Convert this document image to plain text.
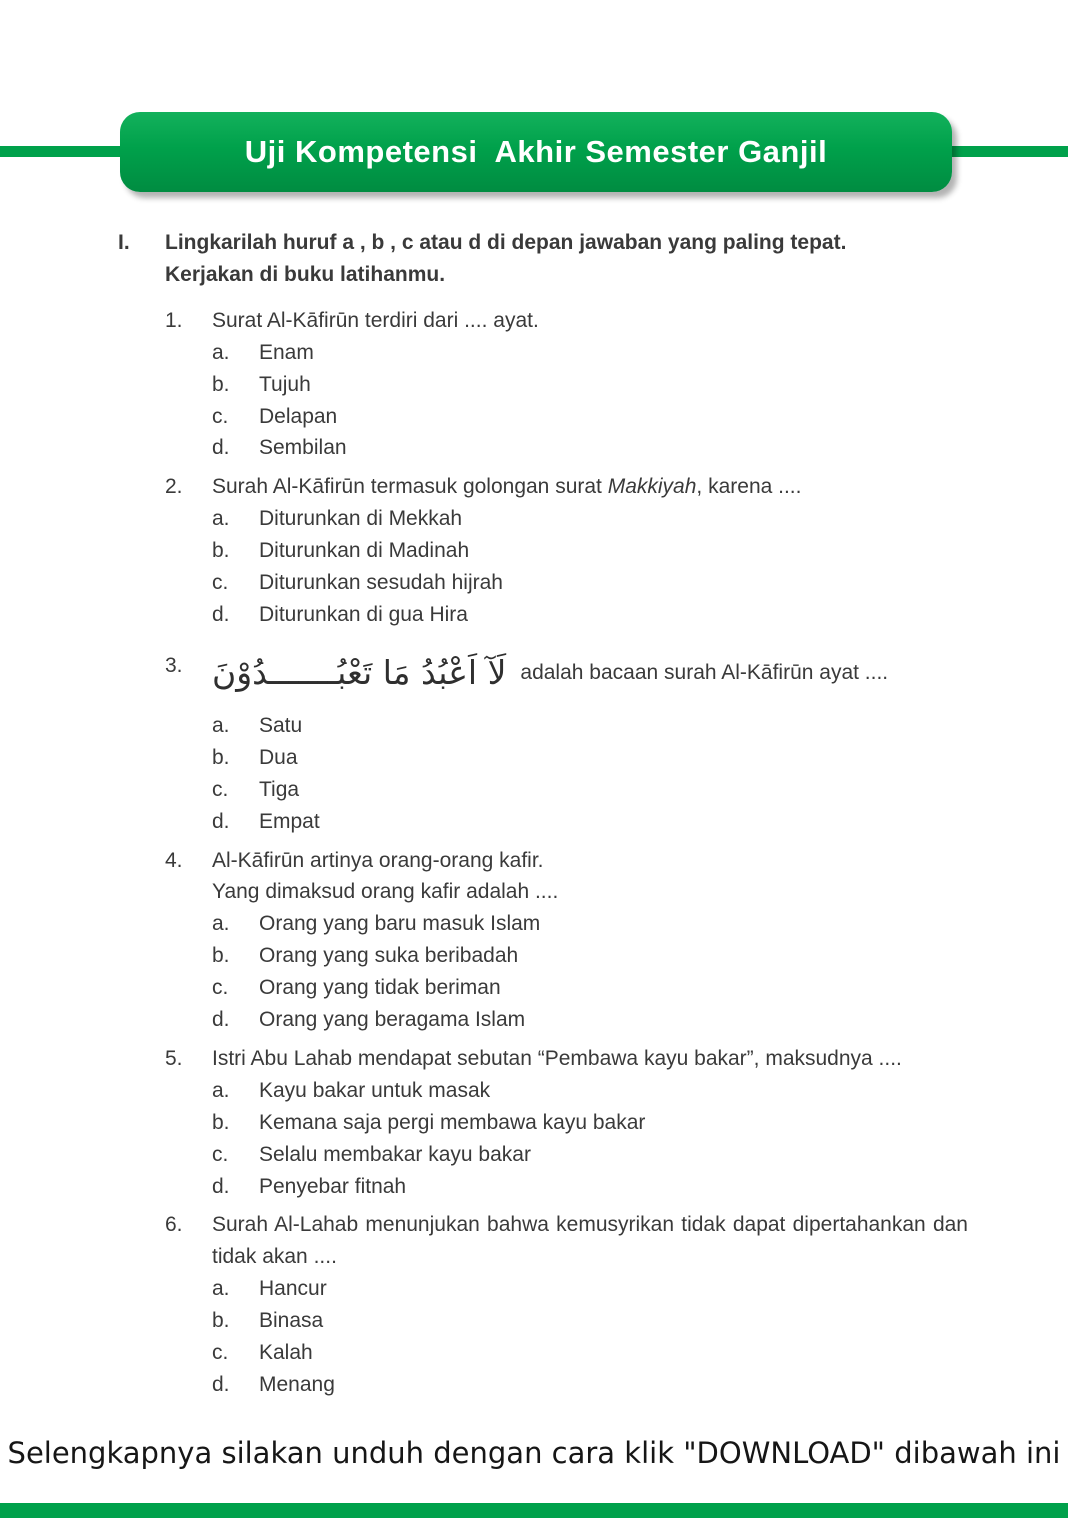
Uji Kompetensi  Akhir Semester Ganjil
I.	Lingkarilah huruf a , b , c atau d di depan jawaban yang paling tepat.
Kerjakan di buku latihanmu.
1.	Surat Al-Kāfirūn terdiri dari .... ayat.
a.	Enam
b.	Tujuh
c.	Delapan
d.	Sembilan
2.	Surah Al-Kāfirūn termasuk golongan surat Makkiyah, karena ....
a.	Diturunkan di Mekkah
b.	Diturunkan di Madinah
c.	Diturunkan sesudah hijrah
d.	Diturunkan di gua Hira
3. لَآ اَعْبُدُ مَا تَعْبُـــــــدُوْنَ adalah bacaan surah Al-Kāfirūn ayat ....
a.	Satu
b.	Dua
c.	Tiga
d.	Empat
4.	Al-Kāfirūn artinya orang-orang kafir.
Yang dimaksud orang kafir adalah ....
a.	Orang yang baru masuk Islam
b.	Orang yang suka beribadah
c.	Orang yang tidak beriman
d.	Orang yang beragama Islam
5.	Istri Abu Lahab mendapat sebutan “Pembawa kayu bakar”, maksudnya ....
a.	Kayu bakar untuk masak
b.	Kemana saja pergi membawa kayu bakar
c.	Selalu membakar kayu bakar
d.	Penyebar fitnah
6.	Surah Al-Lahab menunjukan bahwa kemusyrikan tidak dapat dipertahankan dan tidak akan ....
a.	Hancur
b.	Binasa
c.	Kalah
d.	Menang
Selengkapnya silakan unduh dengan cara klik "DOWNLOAD" dibawah ini
